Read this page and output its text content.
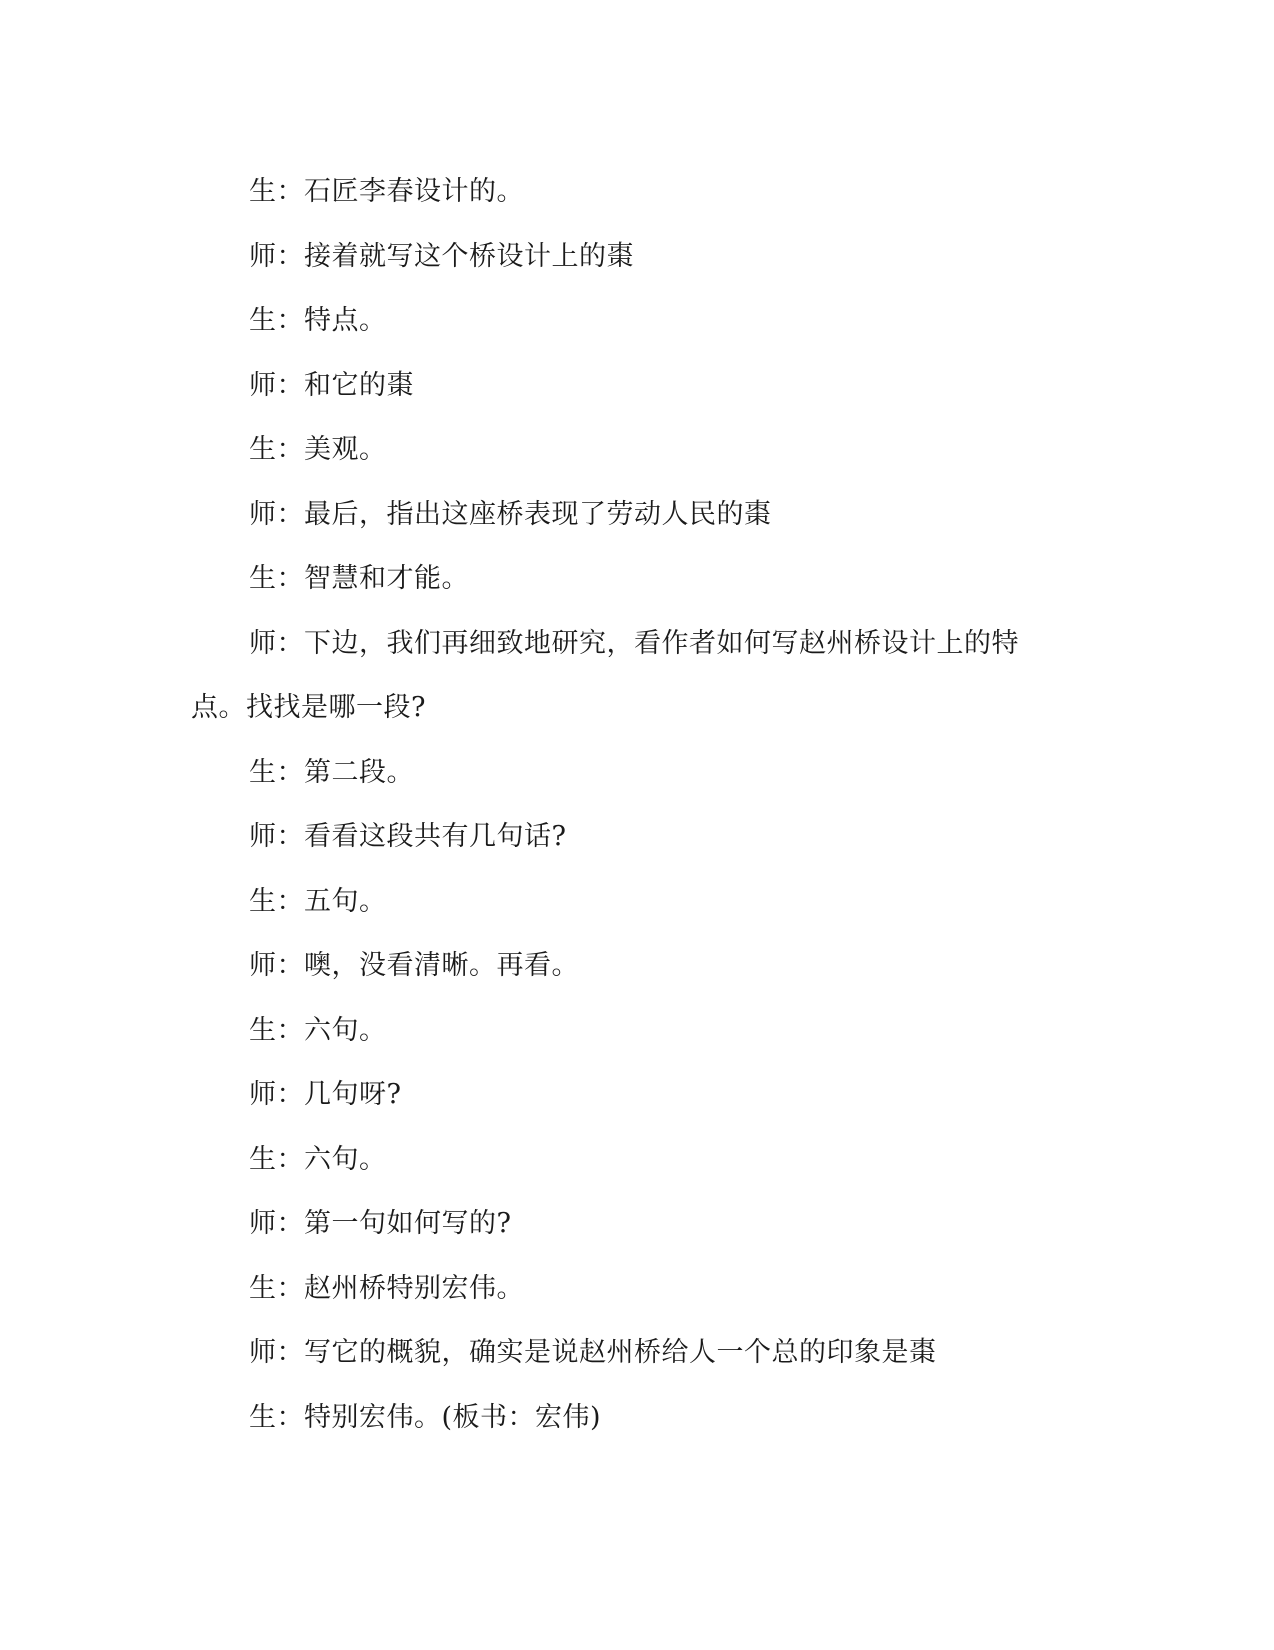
生：石匠李春设计的。
师：接着就写这个桥设计上的棗
生：特点。
师：和它的棗
生：美观。
师：最后，指出这座桥表现了劳动人民的棗
生：智慧和才能。
师：下边，我们再细致地研究，看作者如何写赵州桥设计上的特
点。找找是哪一段?
生：第二段。
师：看看这段共有几句话?
生：五句。
师：噢，没看清晰。再看。
生：六句。
师：几句呀?
生：六句。
师：第一句如何写的?
生：赵州桥特别宏伟。
师：写它的概貌，确实是说赵州桥给人一个总的印象是棗
生：特别宏伟。(板书：宏伟)
